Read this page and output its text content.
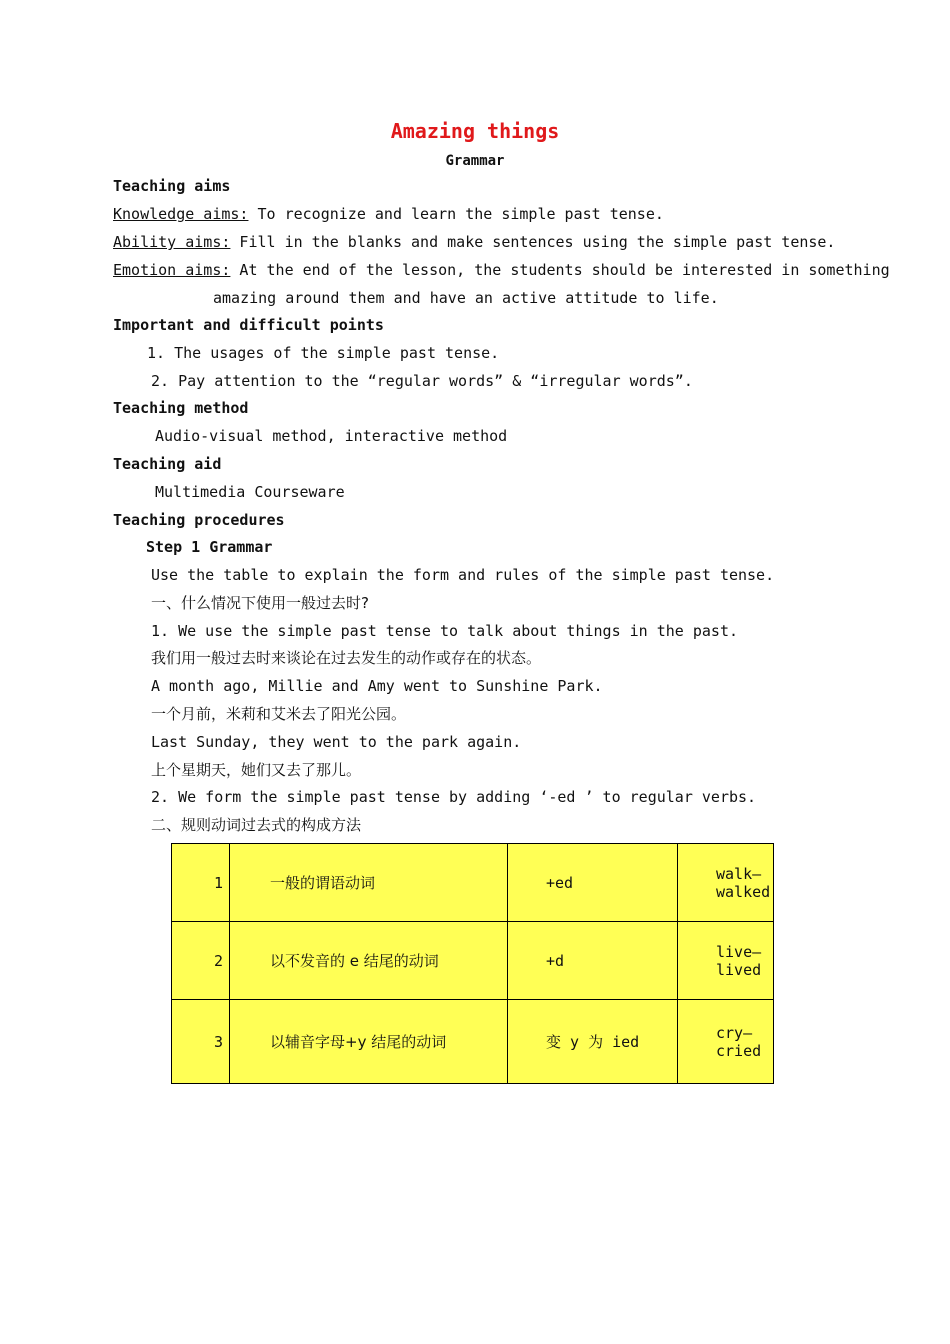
Amazing things
Grammar
Teaching aims
Knowledge aims: To recognize and learn the simple past tense.
Ability aims: Fill in the blanks and make sentences using the simple past tense.
Emotion aims: At the end of the lesson, the students should be interested in something
amazing around them and have an active attitude to life.
Important and difficult points
1. The usages of the simple past tense.
2. Pay attention to the “regular words” & “irregular words”.
Teaching method
Audio-visual method, interactive method
Teaching aid
Multimedia Courseware
Teaching procedures
Step 1 Grammar
Use the table to explain the form and rules of the simple past tense.
一、什么情况下使用一般过去时?
1. We use the simple past tense to talk about things in the past.
我们用一般过去时来谈论在过去发生的动作或存在的状态。
A month ago, Millie and Amy went to Sunshine Park.
一个月前，米莉和艾米去了阳光公园。
Last Sunday, they went to the park again.
上个星期天，她们又去了那儿。
2. We form the simple past tense by adding ‘-ed ’ to regular verbs.
二、规则动词过去式的构成方法
1	一般的谓语动词	+ed	walk—walked
2	以不发音的 e 结尾的动词	+d	live—lived
3	以辅音字母+y 结尾的动词	变 y 为 ied	cry—cried
